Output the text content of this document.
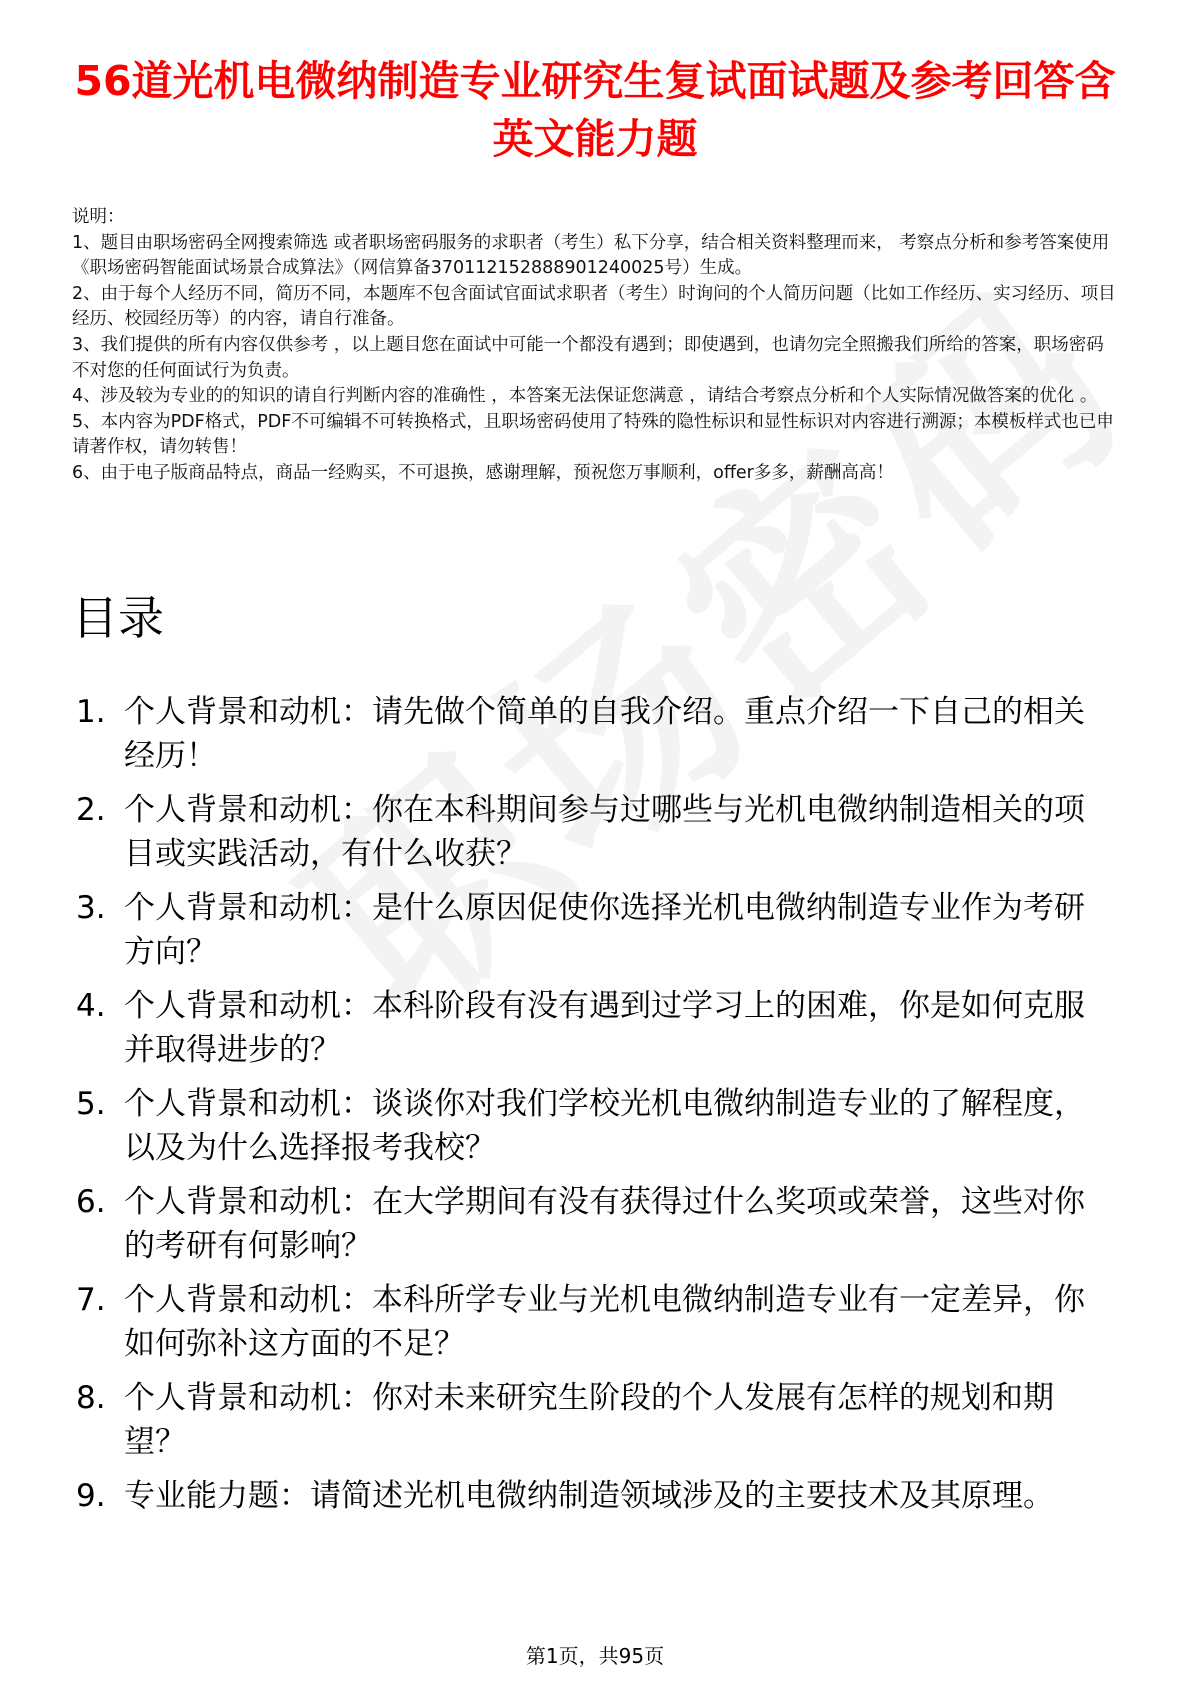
56道光机电微纳制造专业研究生复试面试题及参考回答含英文能力题

说明：

1、题目由职场密码全网搜索筛选 或者职场密码服务的求职者（考生）私下分享，结合相关资料整理而来， 考察点分析和参考答案使用《职场密码智能面试场景合成算法》（网信算备370112152888901240025号）生成。

2、由于每个人经历不同，简历不同，本题库不包含面试官面试求职者（考生）时询问的个人简历问题（比如工作经历、实习经历、项目经历、校园经历等）的内容，请自行准备。

3、我们提供的所有内容仅供参考 ，以上题目您在面试中可能一个都没有遇到；即使遇到，也请勿完全照搬我们所给的答案，职场密码不对您的任何面试行为负责。

4、涉及较为专业的的知识的请自行判断内容的准确性 ，本答案无法保证您满意 ，请结合考察点分析和个人实际情况做答案的优化 。

5、本内容为PDF格式，PDF不可编辑不可转换格式，且职场密码使用了特殊的隐性标识和显性标识对内容进行溯源；本模板样式也已申请著作权，请勿转售！

6、由于电子版商品特点，商品一经购买，不可退换，感谢理解，预祝您万事顺利，offer多多，薪酬高高！

目录
1. 个人背景和动机：请先做个简单的自我介绍。重点介绍一下自己的相关经历！
2. 个人背景和动机：你在本科期间参与过哪些与光机电微纳制造相关的项目或实践活动，有什么收获？
3. 个人背景和动机：是什么原因促使你选择光机电微纳制造专业作为考研方向？
4. 个人背景和动机：本科阶段有没有遇到过学习上的困难，你是如何克服并取得进步的？
5. 个人背景和动机：谈谈你对我们学校光机电微纳制造专业的了解程度，以及为什么选择报考我校？
6. 个人背景和动机：在大学期间有没有获得过什么奖项或荣誉，这些对你的考研有何影响？
7. 个人背景和动机：本科所学专业与光机电微纳制造专业有一定差异，你如何弥补这方面的不足？
8. 个人背景和动机：你对未来研究生阶段的个人发展有怎样的规划和期望？
9. 专业能力题：请简述光机电微纳制造领域涉及的主要技术及其原理。
第1页，共95页
